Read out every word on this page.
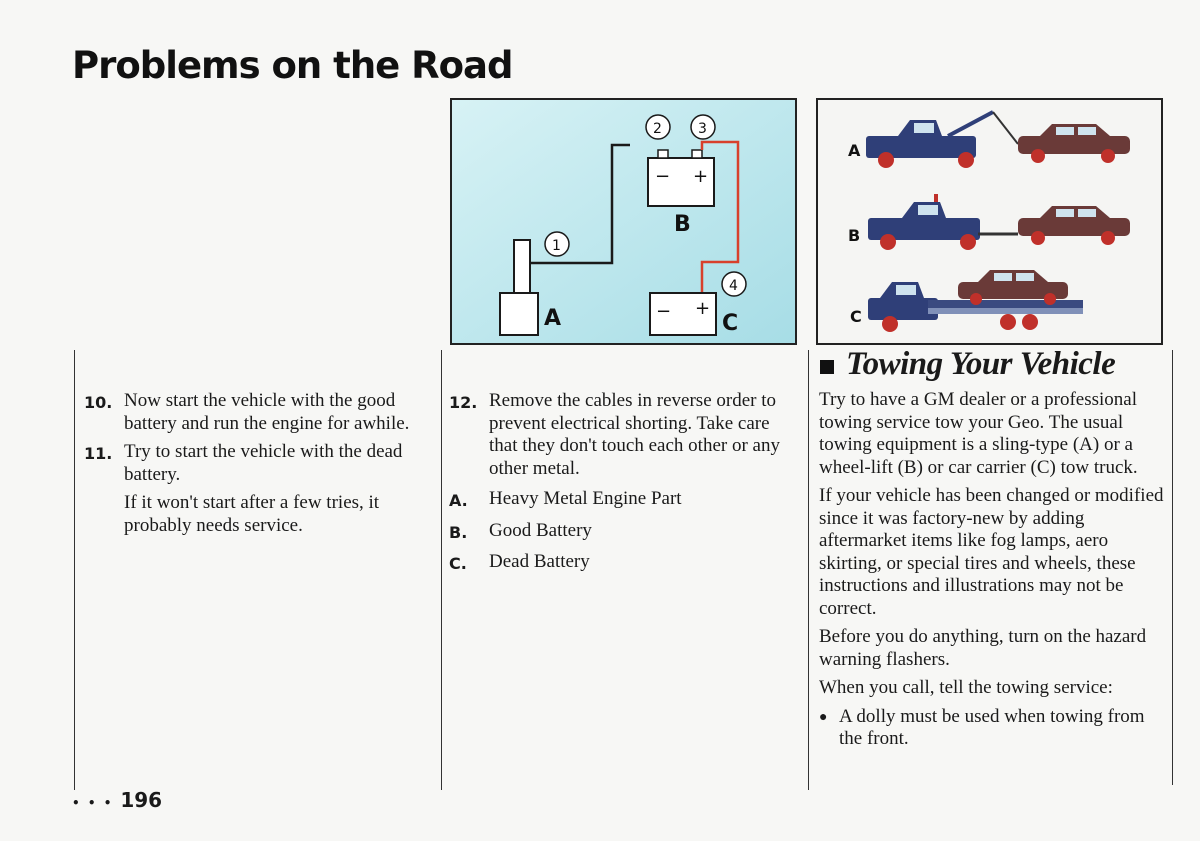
Problems on the Road
− +
− +
A
B
C
1
2	3
4
A
B
C
10. Now start the vehicle with the good battery and run the engine for awhile.
11. Try to start the vehicle with the dead battery.
If it won't start after a few tries, it probably needs service.
12. Remove the cables in reverse order to prevent electrical shorting. Take care that they don't touch each other or any other metal.
A.	Heavy Metal Engine Part
B.	Good Battery
C.	Dead Battery
Towing Your Vehicle
Try to have a GM dealer or a professional towing service tow your Geo. The usual towing equipment is a sling-type (A) or a wheel-lift (B) or car carrier (C) tow truck.
If your vehicle has been changed or modified since it was factory-new by adding aftermarket items like fog lamps, aero skirting, or special tires and wheels, these instructions and illustrations may not be correct.
Before you do anything, turn on the hazard warning flashers.
When you call, tell the towing service:
● A dolly must be used when towing from the front.
• • • 196
